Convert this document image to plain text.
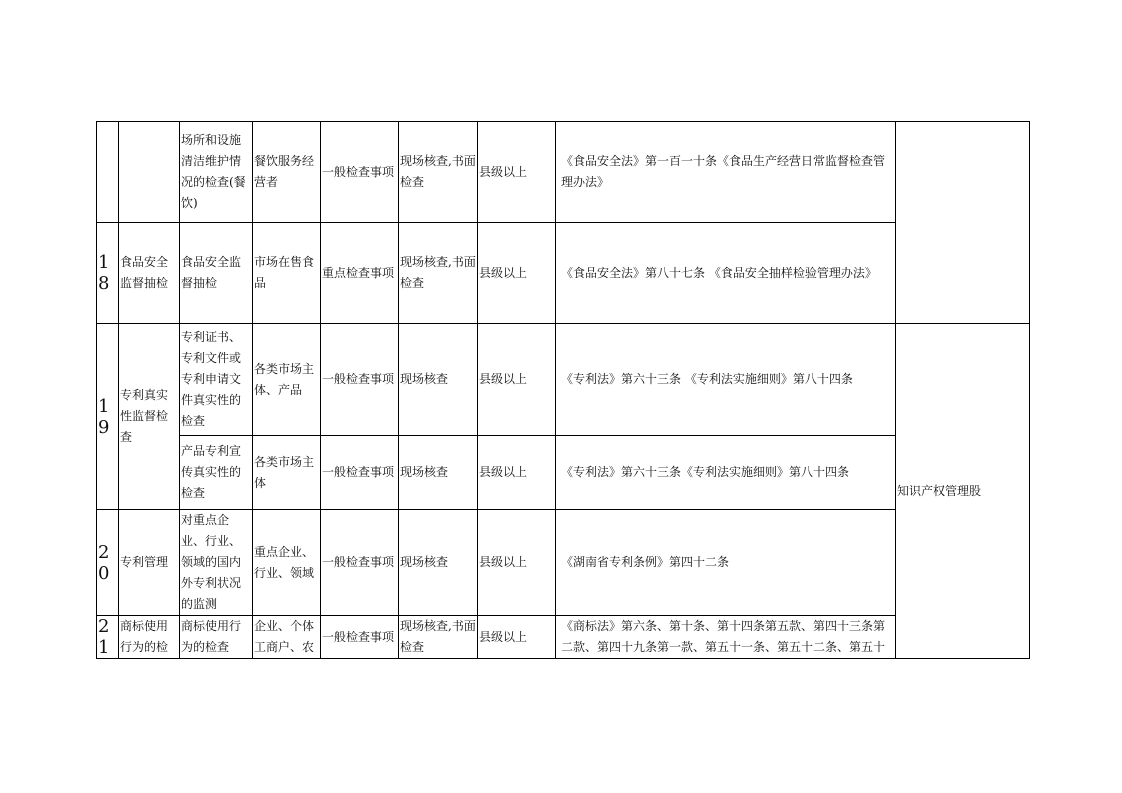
		场所和设施清洁维护情况的检查(餐饮)	餐饮服务经营者	一般检查事项	现场核查,书面检查	县级以上	《食品安全法》第一百一十条《食品生产经营日常监督检查管理办法》		
18	食品安全监督抽检	食品安全监督抽检	市场在售食品	重点检查事项	现场核查,书面检查	县级以上	《食品安全法》第八十七条 《食品安全抽样检验管理办法》		
19	专利真实性监督检查	专利证书、专利文件或专利申请文件真实性的检查	各类市场主体、产品	一般检查事项	现场核查	县级以上	《专利法》第六十三条 《专利法实施细则》第八十四条	知识产权管理股	
		产品专利宣传真实性的检查	各类市场主体	一般检查事项	现场核查	县级以上	《专利法》第六十三条《专利法实施细则》第八十四条		
20	专利管理	对重点企业、行业、领域的国内外专利状况的监测	重点企业、行业、领域	一般检查事项	现场核查	县级以上	《湖南省专利条例》第四十二条		
21	商标使用行为的检	商标使用行为的检查	企业、个体工商户、农	一般检查事项	现场核查,书面检查	县级以上	《商标法》第六条、第十条、第十四条第五款、第四十三条第二款、第四十九条第一款、第五十一条、第五十二条、第五十		
